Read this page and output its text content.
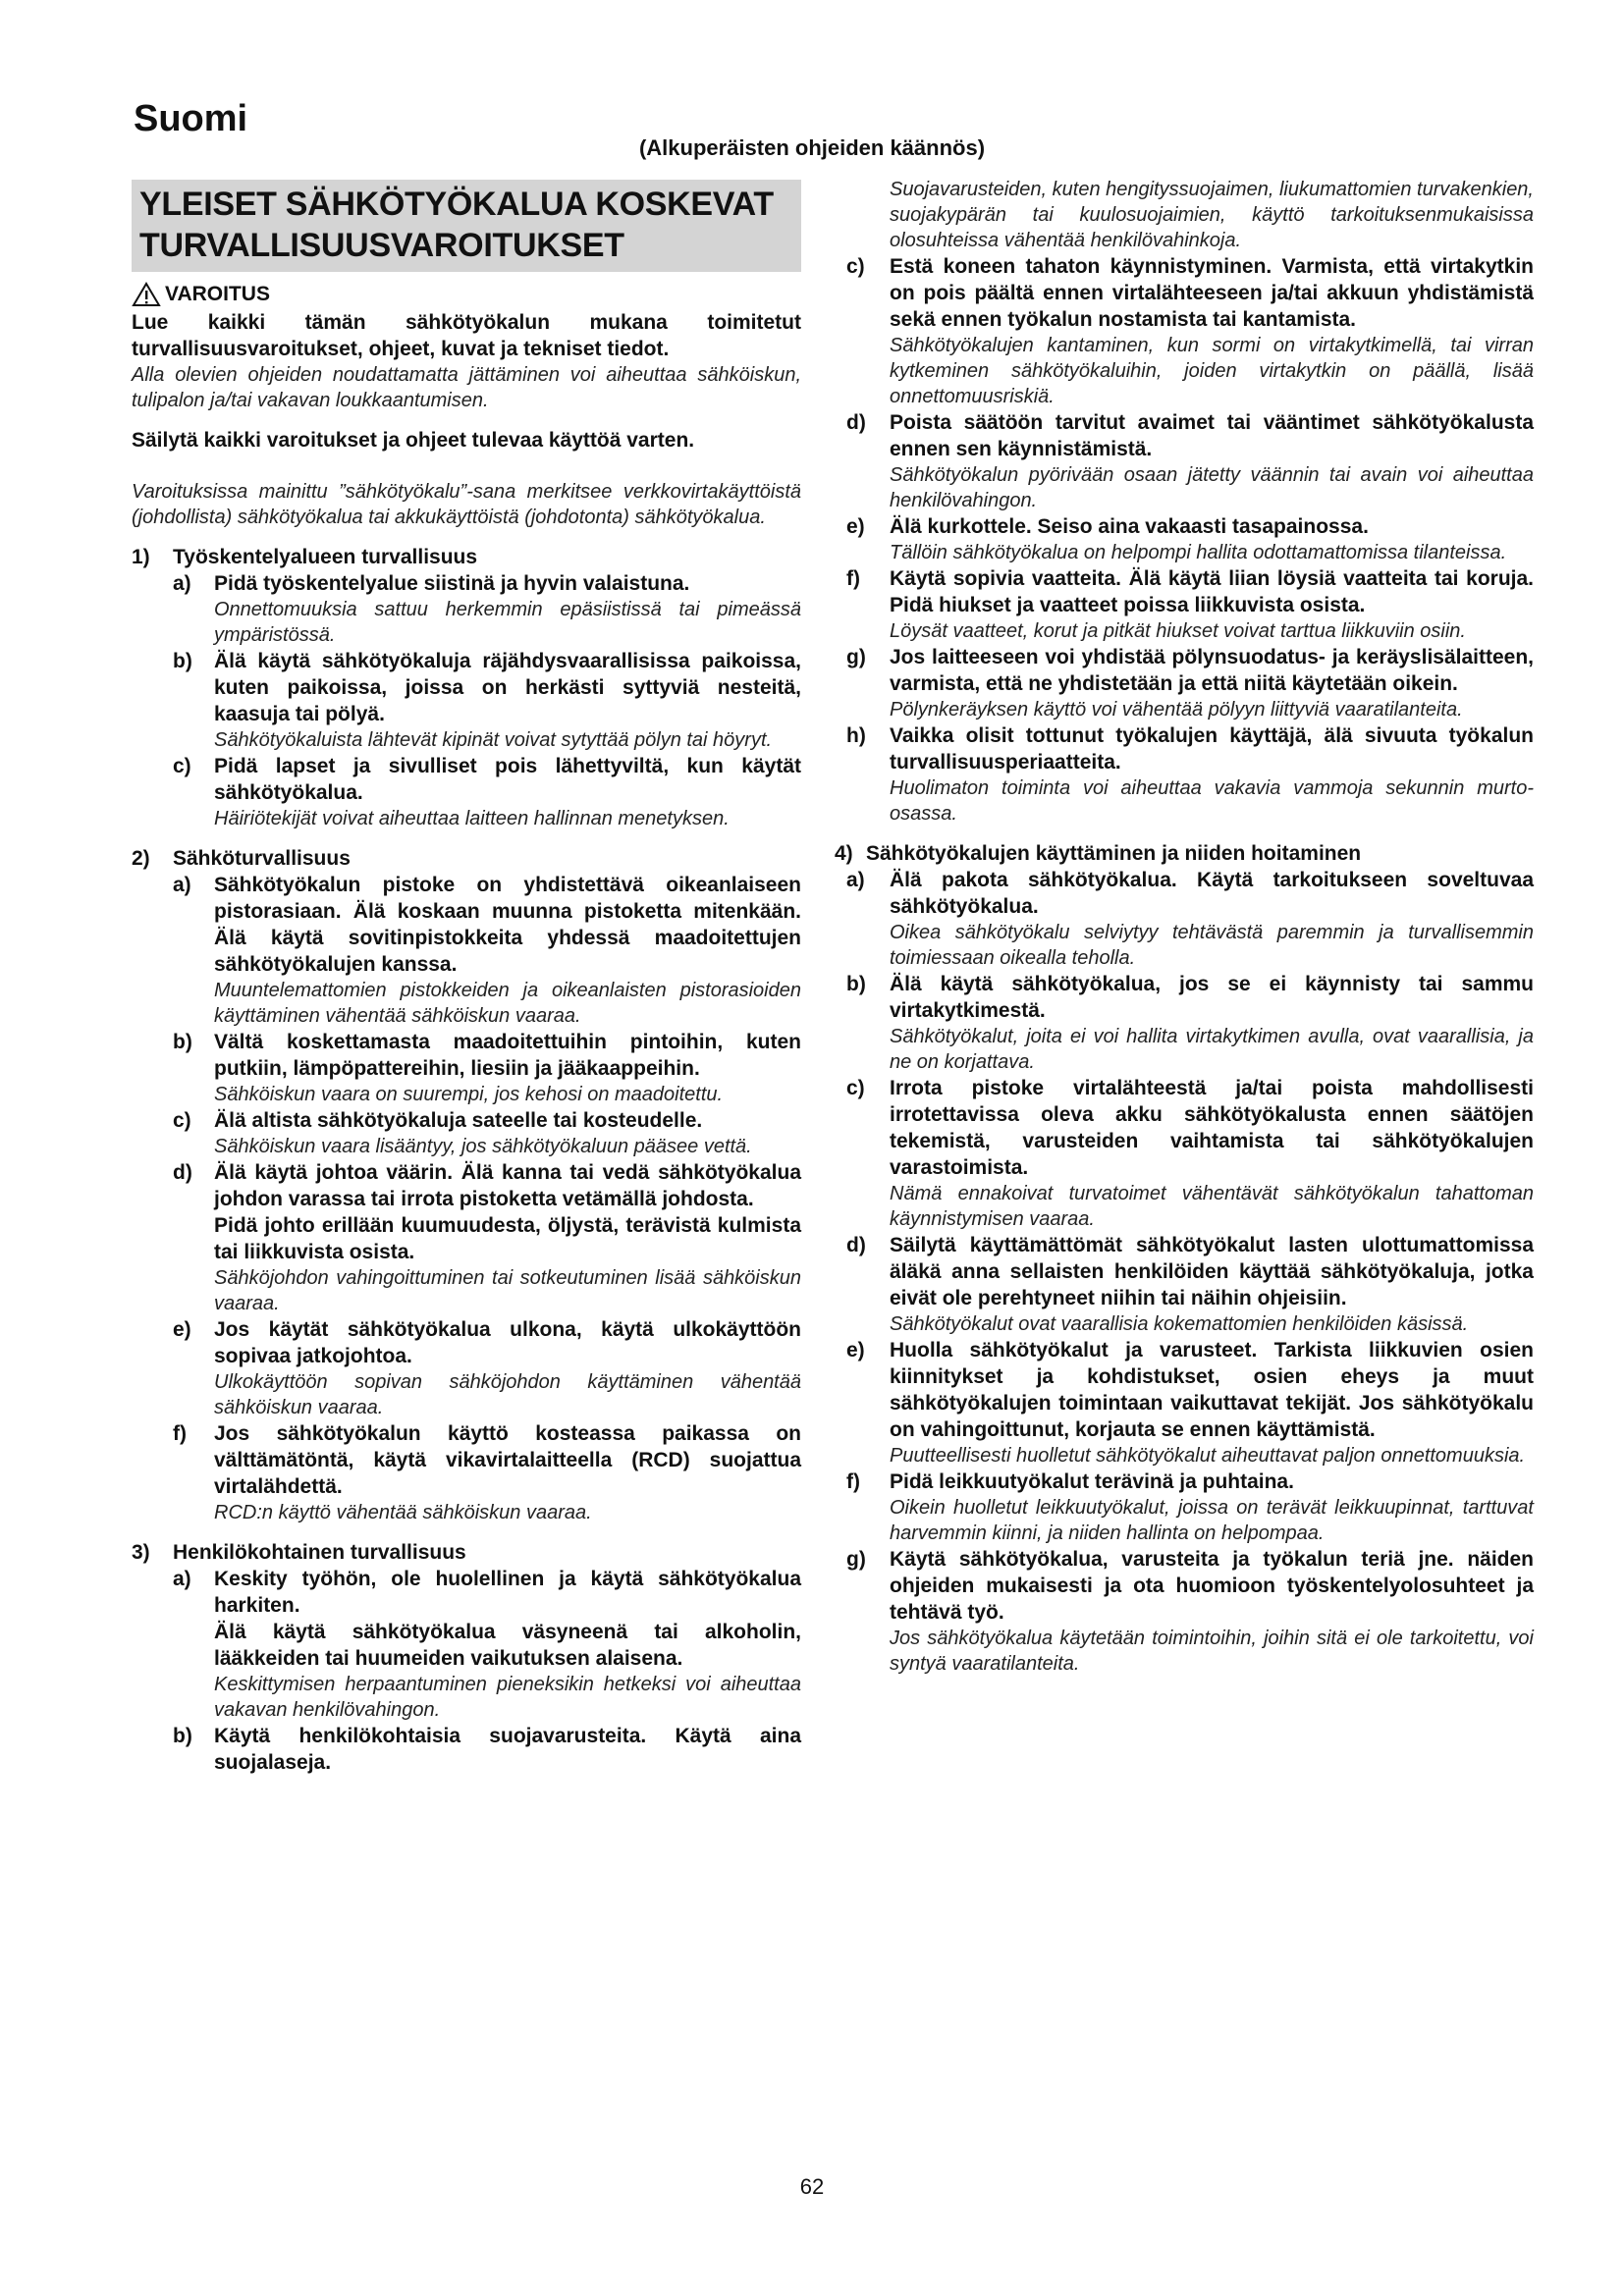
Suomi
(Alkuperäisten ohjeiden käännös)
YLEISET SÄHKÖTYÖKALUA KOSKEVAT
TURVALLISUUSVAROITUKSET
VAROITUS

Lue kaikki tämän sähkötyökalun mukana toimitetut turvallisuusvaroitukset, ohjeet, kuvat ja tekniset tiedot.

Alla olevien ohjeiden noudattamatta jättäminen voi aiheuttaa sähköiskun, tulipalon ja/tai vakavan loukkaantumisen.

Säilytä kaikki varoitukset ja ohjeet tulevaa käyttöä varten.

Varoituksissa mainittu ”sähkötyökalu”-sana merkitsee verkkovirtakäyttöistä (johdollista) sähkötyökalua tai akkukäyttöistä (johdotonta) sähkötyökalua.

1)	Työskentelyalueen turvallisuus
a)	Pidä työskentelyalue siistinä ja hyvin valaistuna.

Onnettomuuksia sattuu herkemmin epäsiistissä tai pimeässä ympäristössä.

b)	Älä käytä sähkötyökaluja räjähdysvaarallisissa paikoissa, kuten paikoissa, joissa on herkästi syttyviä nesteitä, kaasuja tai pölyä.

Sähkötyökaluista lähtevät kipinät voivat sytyttää pölyn tai höyryt.

c)	Pidä lapset ja sivulliset pois lähettyviltä, kun käytät sähkötyökalua.

Häiriötekijät voivat aiheuttaa laitteen hallinnan menetyksen.

2)	Sähköturvallisuus
a)	Sähkötyökalun pistoke on yhdistettävä oikeanlaiseen pistorasiaan. Älä koskaan muunna pistoketta mitenkään. Älä käytä sovitinpistokkeita yhdessä maadoitettujen sähkötyökalujen kanssa.

Muuntelemattomien pistokkeiden ja oikeanlaisten pistorasioiden käyttäminen vähentää sähköiskun vaaraa.

b)	Vältä koskettamasta maadoitettuihin pintoihin, kuten putkiin, lämpöpattereihin, liesiin ja jääkaappeihin.

Sähköiskun vaara on suurempi, jos kehosi on maadoitettu.

c)	Älä altista sähkötyökaluja sateelle tai kosteudelle.

Sähköiskun vaara lisääntyy, jos sähkötyökaluun pääsee vettä.

d)	Älä käytä johtoa väärin. Älä kanna tai vedä sähkötyökalua johdon varassa tai irrota pistoketta vetämällä johdosta.

Pidä johto erillään kuumuudesta, öljystä, terävistä kulmista tai liikkuvista osista.

Sähköjohdon vahingoittuminen tai sotkeutuminen lisää sähköiskun vaaraa.

e)	Jos käytät sähkötyökalua ulkona, käytä ulkokäyttöön sopivaa jatkojohtoa.

Ulkokäyttöön sopivan sähköjohdon käyttäminen vähentää sähköiskun vaaraa.

f)	Jos sähkötyökalun käyttö kosteassa paikassa on välttämätöntä, käytä vikavirtalaitteella (RCD) suojattua virtalähdettä.

RCD:n käyttö vähentää sähköiskun vaaraa.

3)	Henkilökohtainen turvallisuus
a)	Keskity työhön, ole huolellinen ja käytä sähkötyökalua harkiten.

Älä käytä sähkötyökalua väsyneenä tai alkoholin, lääkkeiden tai huumeiden vaikutuksen alaisena.

Keskittymisen herpaantuminen pieneksikin hetkeksi voi aiheuttaa vakavan henkilövahingon.

b)	Käytä henkilökohtaisia suojavarusteita. Käytä aina suojalaseja.

Suojavarusteiden, kuten hengityssuojaimen, liukumattomien turvakenkien, suojakypärän tai kuulosuojaimien, käyttö tarkoituksenmukaisissa olosuhteissa vähentää henkilövahinkoja.

c)	Estä koneen tahaton käynnistyminen. Varmista, että virtakytkin on pois päältä ennen virtalähteeseen ja/tai akkuun yhdistämistä sekä ennen työkalun nostamista tai kantamista.

Sähkötyökalujen kantaminen, kun sormi on virtakytkimellä, tai virran kytkeminen sähkötyökaluihin, joiden virtakytkin on päällä, lisää onnettomuusriskiä.

d)	Poista säätöön tarvitut avaimet tai vääntimet sähkötyökalusta ennen sen käynnistämistä.

Sähkötyökalun pyörivään osaan jätetty väännin tai avain voi aiheuttaa henkilövahingon.

e)	Älä kurkottele. Seiso aina vakaasti tasapainossa.

Tällöin sähkötyökalua on helpompi hallita odottamattomissa tilanteissa.

f)	Käytä sopivia vaatteita. Älä käytä liian löysiä vaatteita tai koruja. Pidä hiukset ja vaatteet poissa liikkuvista osista.

Löysät vaatteet, korut ja pitkät hiukset voivat tarttua liikkuviin osiin.

g)	Jos laitteeseen voi yhdistää pölynsuodatus- ja keräyslisälaitteen, varmista, että ne yhdistetään ja että niitä käytetään oikein.

Pölynkeräyksen käyttö voi vähentää pölyyn liittyviä vaaratilanteita.

h)	Vaikka olisit tottunut työkalujen käyttäjä, älä sivuuta työkalun turvallisuusperiaatteita.

Huolimaton toiminta voi aiheuttaa vakavia vammoja sekunnin murto-osassa.

4) Sähkötyökalujen käyttäminen ja niiden hoitaminen
a)	Älä pakota sähkötyökalua. Käytä tarkoitukseen soveltuvaa sähkötyökalua.

Oikea sähkötyökalu selviytyy tehtävästä paremmin ja turvallisemmin toimiessaan oikealla teholla.

b)	Älä käytä sähkötyökalua, jos se ei käynnisty tai sammu virtakytkimestä.

Sähkötyökalut, joita ei voi hallita virtakytkimen avulla, ovat vaarallisia, ja ne on korjattava.

c)	Irrota pistoke virtalähteestä ja/tai poista mahdollisesti irrotettavissa oleva akku sähkötyökalusta ennen säätöjen tekemistä, varusteiden vaihtamista tai sähkötyökalujen varastoimista.

Nämä ennakoivat turvatoimet vähentävät sähkötyökalun tahattoman käynnistymisen vaaraa.

d)	Säilytä käyttämättömät sähkötyökalut lasten ulottumattomissa äläkä anna sellaisten henkilöiden käyttää sähkötyökaluja, jotka eivät ole perehtyneet niihin tai näihin ohjeisiin.

Sähkötyökalut ovat vaarallisia kokemattomien henkilöiden käsissä.

e)	Huolla sähkötyökalut ja varusteet. Tarkista liikkuvien osien kiinnitykset ja kohdistukset, osien eheys ja muut sähkötyökalujen toimintaan vaikuttavat tekijät. Jos sähkötyökalu on vahingoittunut, korjauta se ennen käyttämistä.

Puutteellisesti huolletut sähkötyökalut aiheuttavat paljon onnettomuuksia.

f)	Pidä leikkuutyökalut terävinä ja puhtaina.

Oikein huolletut leikkuutyökalut, joissa on terävät leikkuupinnat, tarttuvat harvemmin kiinni, ja niiden hallinta on helpompaa.

g)	Käytä sähkötyökalua, varusteita ja työkalun teriä jne. näiden ohjeiden mukaisesti ja ota huomioon työskentelyolosuhteet ja tehtävä työ.

Jos sähkötyökalua käytetään toimintoihin, joihin sitä ei ole tarkoitettu, voi syntyä vaaratilanteita.

62
